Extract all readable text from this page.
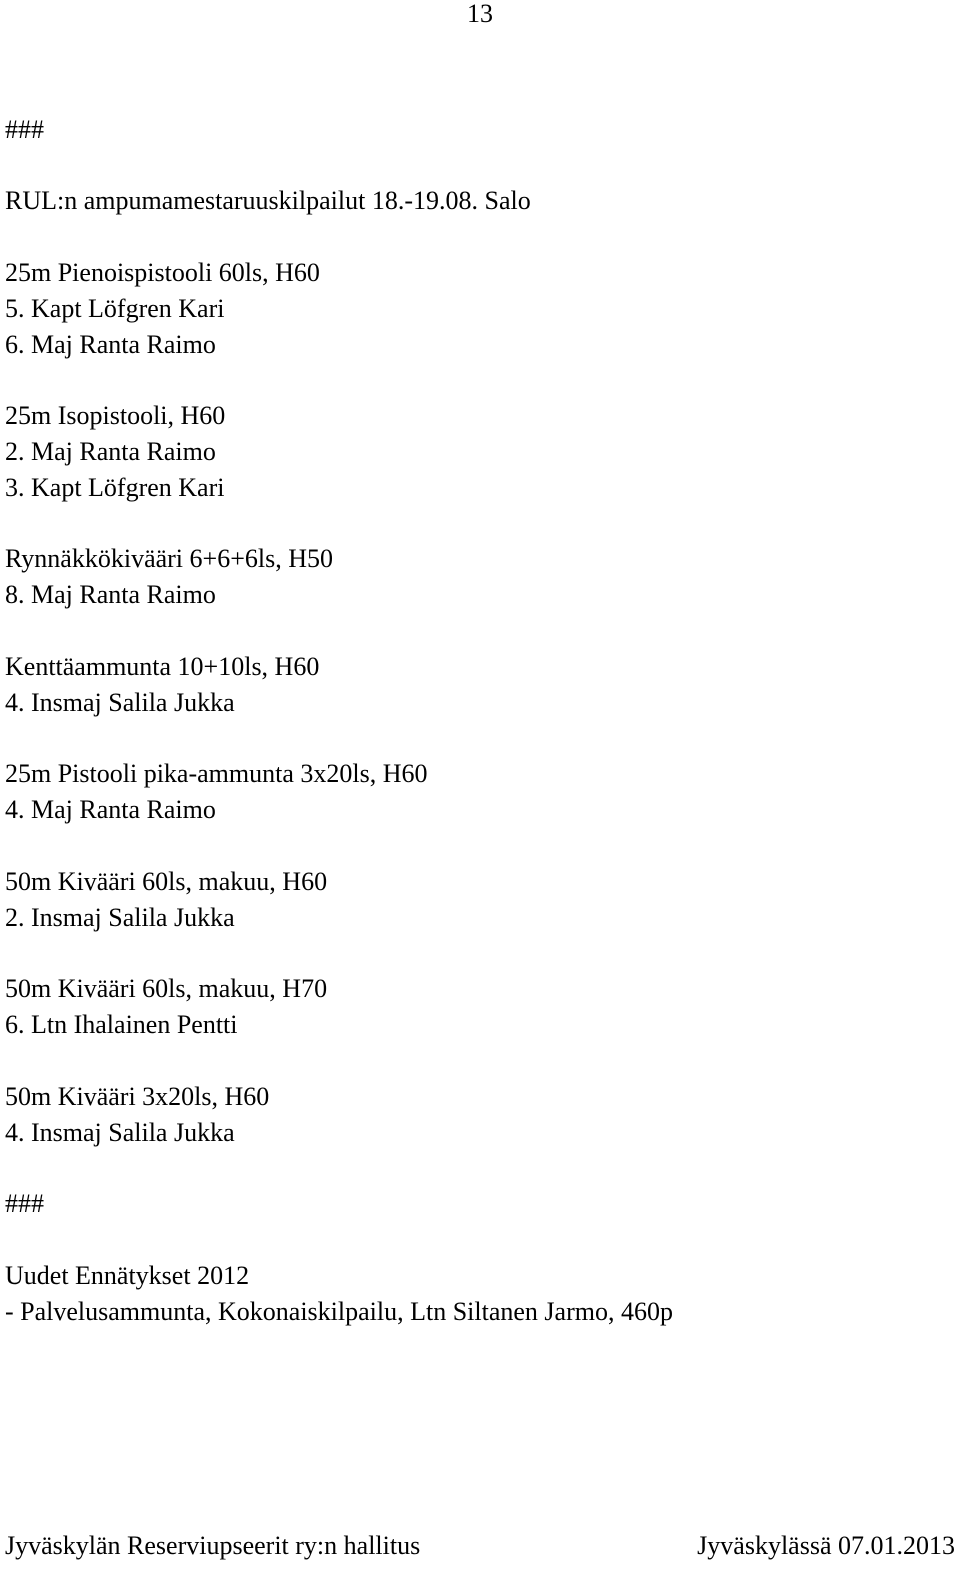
13
###
RUL:n ampumamestaruuskilpailut 18.-19.08. Salo
25m Pienoispistooli 60ls, H60
5. Kapt Löfgren Kari
6. Maj Ranta Raimo
25m Isopistooli, H60
2. Maj Ranta Raimo
3. Kapt Löfgren Kari
Rynnäkkökivääri 6+6+6ls, H50
8. Maj Ranta Raimo
Kenttäammunta 10+10ls, H60
4. Insmaj Salila Jukka
25m Pistooli pika-ammunta 3x20ls, H60
4. Maj Ranta Raimo
50m Kivääri 60ls, makuu, H60
2. Insmaj Salila Jukka
50m Kivääri 60ls, makuu, H70
6. Ltn Ihalainen Pentti
50m Kivääri 3x20ls, H60
4. Insmaj Salila Jukka
###
Uudet Ennätykset 2012
- Palvelusammunta, Kokonaiskilpailu, Ltn Siltanen Jarmo, 460p
Jyväskylän Reserviupseerit ry:n hallitus	Jyväskylässä 07.01.2013
